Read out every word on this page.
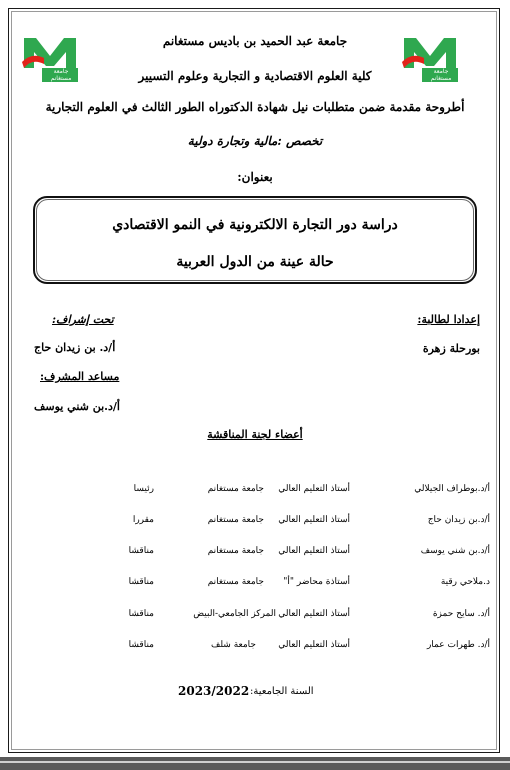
جامعة
مستغانم
جامعة
مستغانم
جامعة عبد الحميد بن باديس مستغانم
كلية العلوم الاقتصادية و التجارية وعلوم التسيير
أطروحة مقدمة ضمن متطلبات نيل شهادة الدكتوراه الطور الثالث في العلوم التجارية
تخصص :مالية وتجارة دولية
بعنوان:
دراسة دور التجارة الالكترونية في النمو الاقتصادي
حالة عينة من الدول العربية
إعدادا لطالبة:
بورحلة زهرة
تحت إشراف:
أ/د. بن زيدان حاج
مساعد المشرف:
أ/د.بن شني يوسف
أعضاء لجنة المناقشة
أ/د.بوطراف الجيلالي
أستاذ التعليم العالي
جامعة مستغانم
رئيسا
أ/د.بن زيدان حاج
أستاذ التعليم العالي
جامعة مستغانم
مقررا
أ/د.بن شني يوسف
أستاذ التعليم العالي
جامعة مستغانم
مناقشا
د.ملاحي رقية
أستاذة محاضر "أ"
جامعة مستغانم
مناقشا
أ/د. سايح حمزة
أستاذ التعليم العالي
المركز الجامعي-البيض
مناقشا
أ/د. طهرات عمار
أستاذ التعليم العالي
جامعة شلف
مناقشا
السنة الجامعية:
2023/2022
